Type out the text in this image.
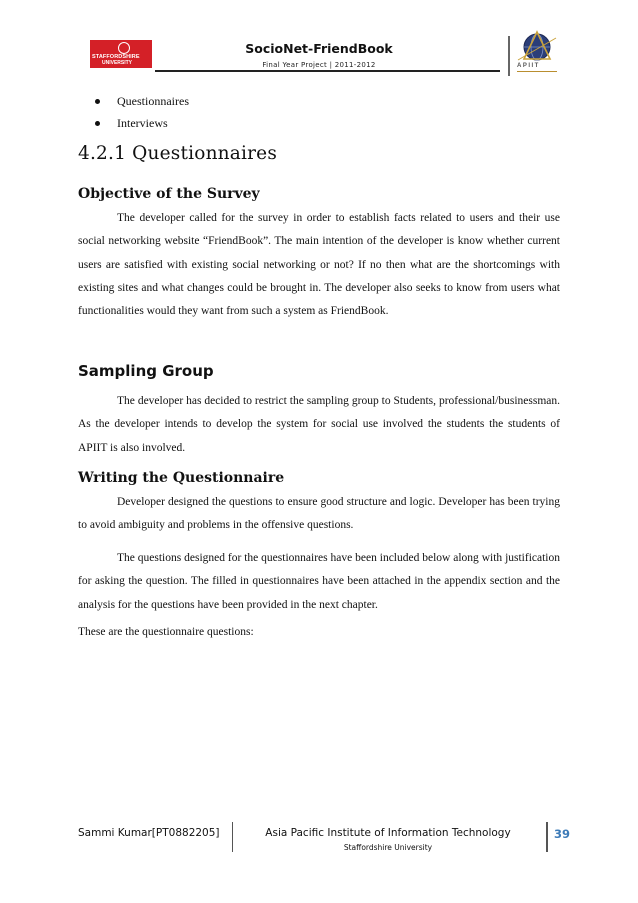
STAFFORDSHIRE
UNIVERSITY
SocioNet-FriendBook
Final Year Project | 2011-2012	APIIT
Questionnaires
Interviews
4.2.1 Questionnaires
Objective of the Survey

The developer called for the survey in order to establish facts related to users and their use social networking website “FriendBook”. The main intention of the developer is know whether current users are satisfied with existing social networking or not? If no then what are the shortcomings with existing sites and what changes could be brought in. The developer also seeks to know from users what functionalities would they want from such a system as FriendBook.

Sampling Group

The developer has decided to restrict the sampling group to Students, professional/businessman. As the developer intends to develop the system for social use involved the students the students of APIIT is also involved.

Writing the Questionnaire

Developer designed the questions to ensure good structure and logic. Developer has been trying to avoid ambiguity and problems in the offensive questions.

The questions designed for the questionnaires have been included below along with justification for asking the question. The filled in questionnaires have been attached in the appendix section and the analysis for the questions have been provided in the next chapter.

These are the questionnaire questions:

Sammi Kumar[PT0882205]	Asia Pacific Institute of Information Technology
Staffordshire University
39
